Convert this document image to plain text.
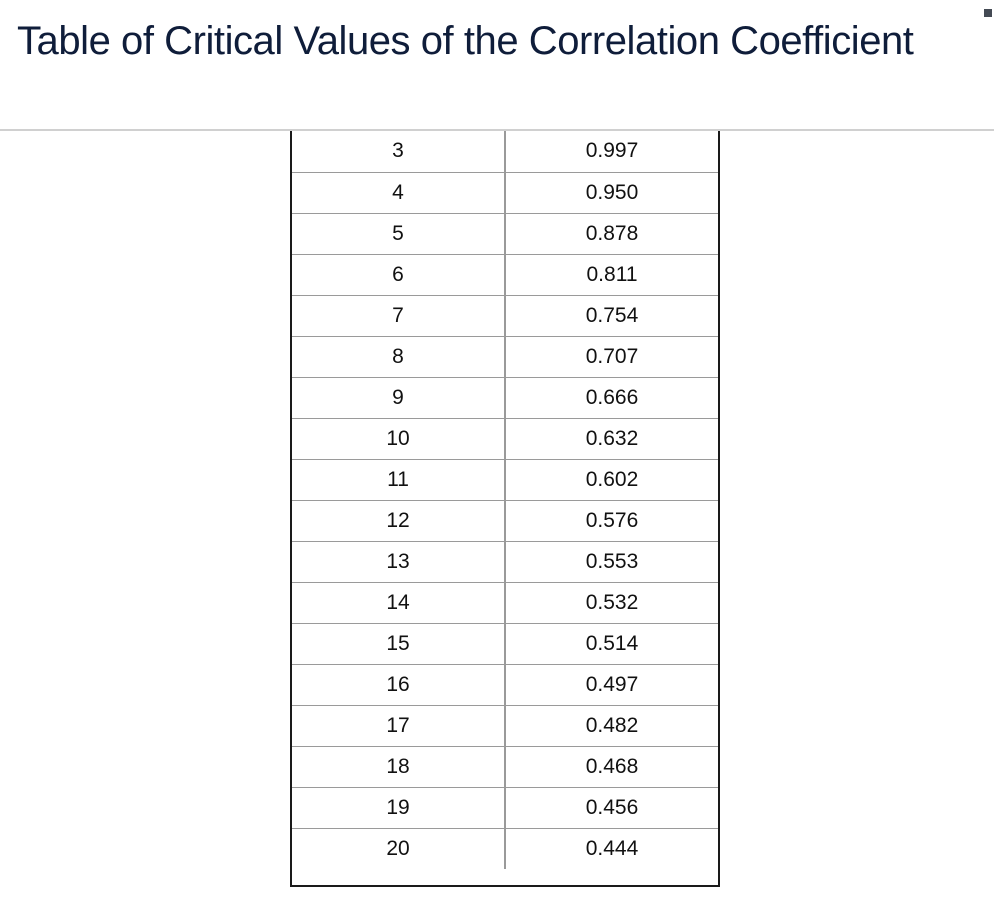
Table of Critical Values of the Correlation Coefficient
3	0.997
4	0.950
5	0.878
6	0.811
7	0.754
8	0.707
9	0.666
10	0.632
11	0.602
12	0.576
13	0.553
14	0.532
15	0.514
16	0.497
17	0.482
18	0.468
19	0.456
20	0.444
